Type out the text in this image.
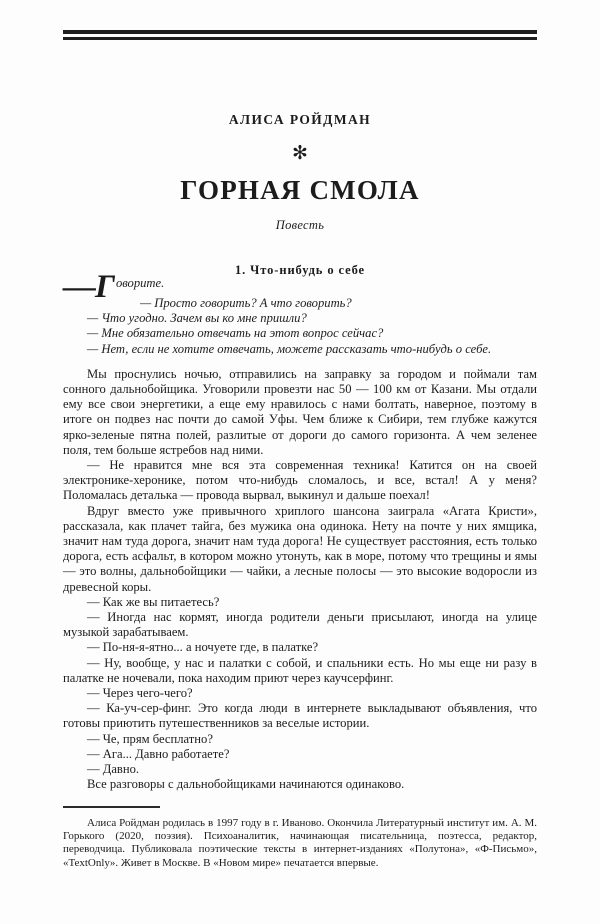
АЛИСА РОЙДМАН
✻
ГОРНАЯ СМОЛА
Повесть
1. Что-нибудь о себе
—Г оворите.
— Просто говорить? А что говорить?
— Что угодно. Зачем вы ко мне пришли?
— Мне обязательно отвечать на этот вопрос сейчас?
— Нет, если не хотите отвечать, можете рассказать что-нибудь о себе.

Мы проснулись ночью, отправились на заправку за городом и поймали там сонного дальнобойщика. Уговорили провезти нас 50 — 100 км от Казани. Мы отдали ему все свои энергетики, а еще ему нравилось с нами болтать, наверное, поэтому в итоге он подвез нас почти до самой Уфы. Чем ближе к Сибири, тем глубже кажутся ярко-зеленые пятна полей, разлитые от дороги до самого горизонта. А чем зеленее поля, тем больше ястребов над ними.

— Не нравится мне вся эта современная техника! Катится он на своей электронике-херонике, потом что-нибудь сломалось, и все, встал! А у меня? Поломалась деталька — провода вырвал, выкинул и дальше поехал!

Вдруг вместо уже привычного хриплого шансона заиграла «Агата Кристи», рассказала, как плачет тайга, без мужика она одинока. Нету на почте у них ямщика, значит нам туда дорога, значит нам туда дорога! Не существует расстояния, есть только дорога, есть асфальт, в котором можно утонуть, как в море, потому что трещины и ямы — это волны, дальнобойщики — чайки, а лесные полосы — это высокие водоросли из древесной коры.

— Как же вы питаетесь?

— Иногда нас кормят, иногда родители деньги присылают, иногда на улице музыкой зарабатываем.

— По-ня-я-ятно... а ночуете где, в палатке?

— Ну, вообще, у нас и палатки с собой, и спальники есть. Но мы еще ни разу в палатке не ночевали, пока находим приют через каучсерфинг.

— Через чего-чего?

— Ка-уч-сер-финг. Это когда люди в интернете выкладывают объявления, что готовы приютить путешественников за веселые истории.

— Че, прям бесплатно?

— Ага... Давно работаете?

— Давно.

Все разговоры с дальнобойщиками начинаются одинаково.

Алиса Ройдман родилась в 1997 году в г. Иваново. Окончила Литературный институт им. А. М. Горького (2020, поэзия). Психоаналитик, начинающая писательница, поэтесса, редактор, переводчица. Публиковала поэтические тексты в интернет-изданиях «Полутона», «Ф-Письмо», «TextOnly». Живет в Москве. В «Новом мире» печатается впервые.
